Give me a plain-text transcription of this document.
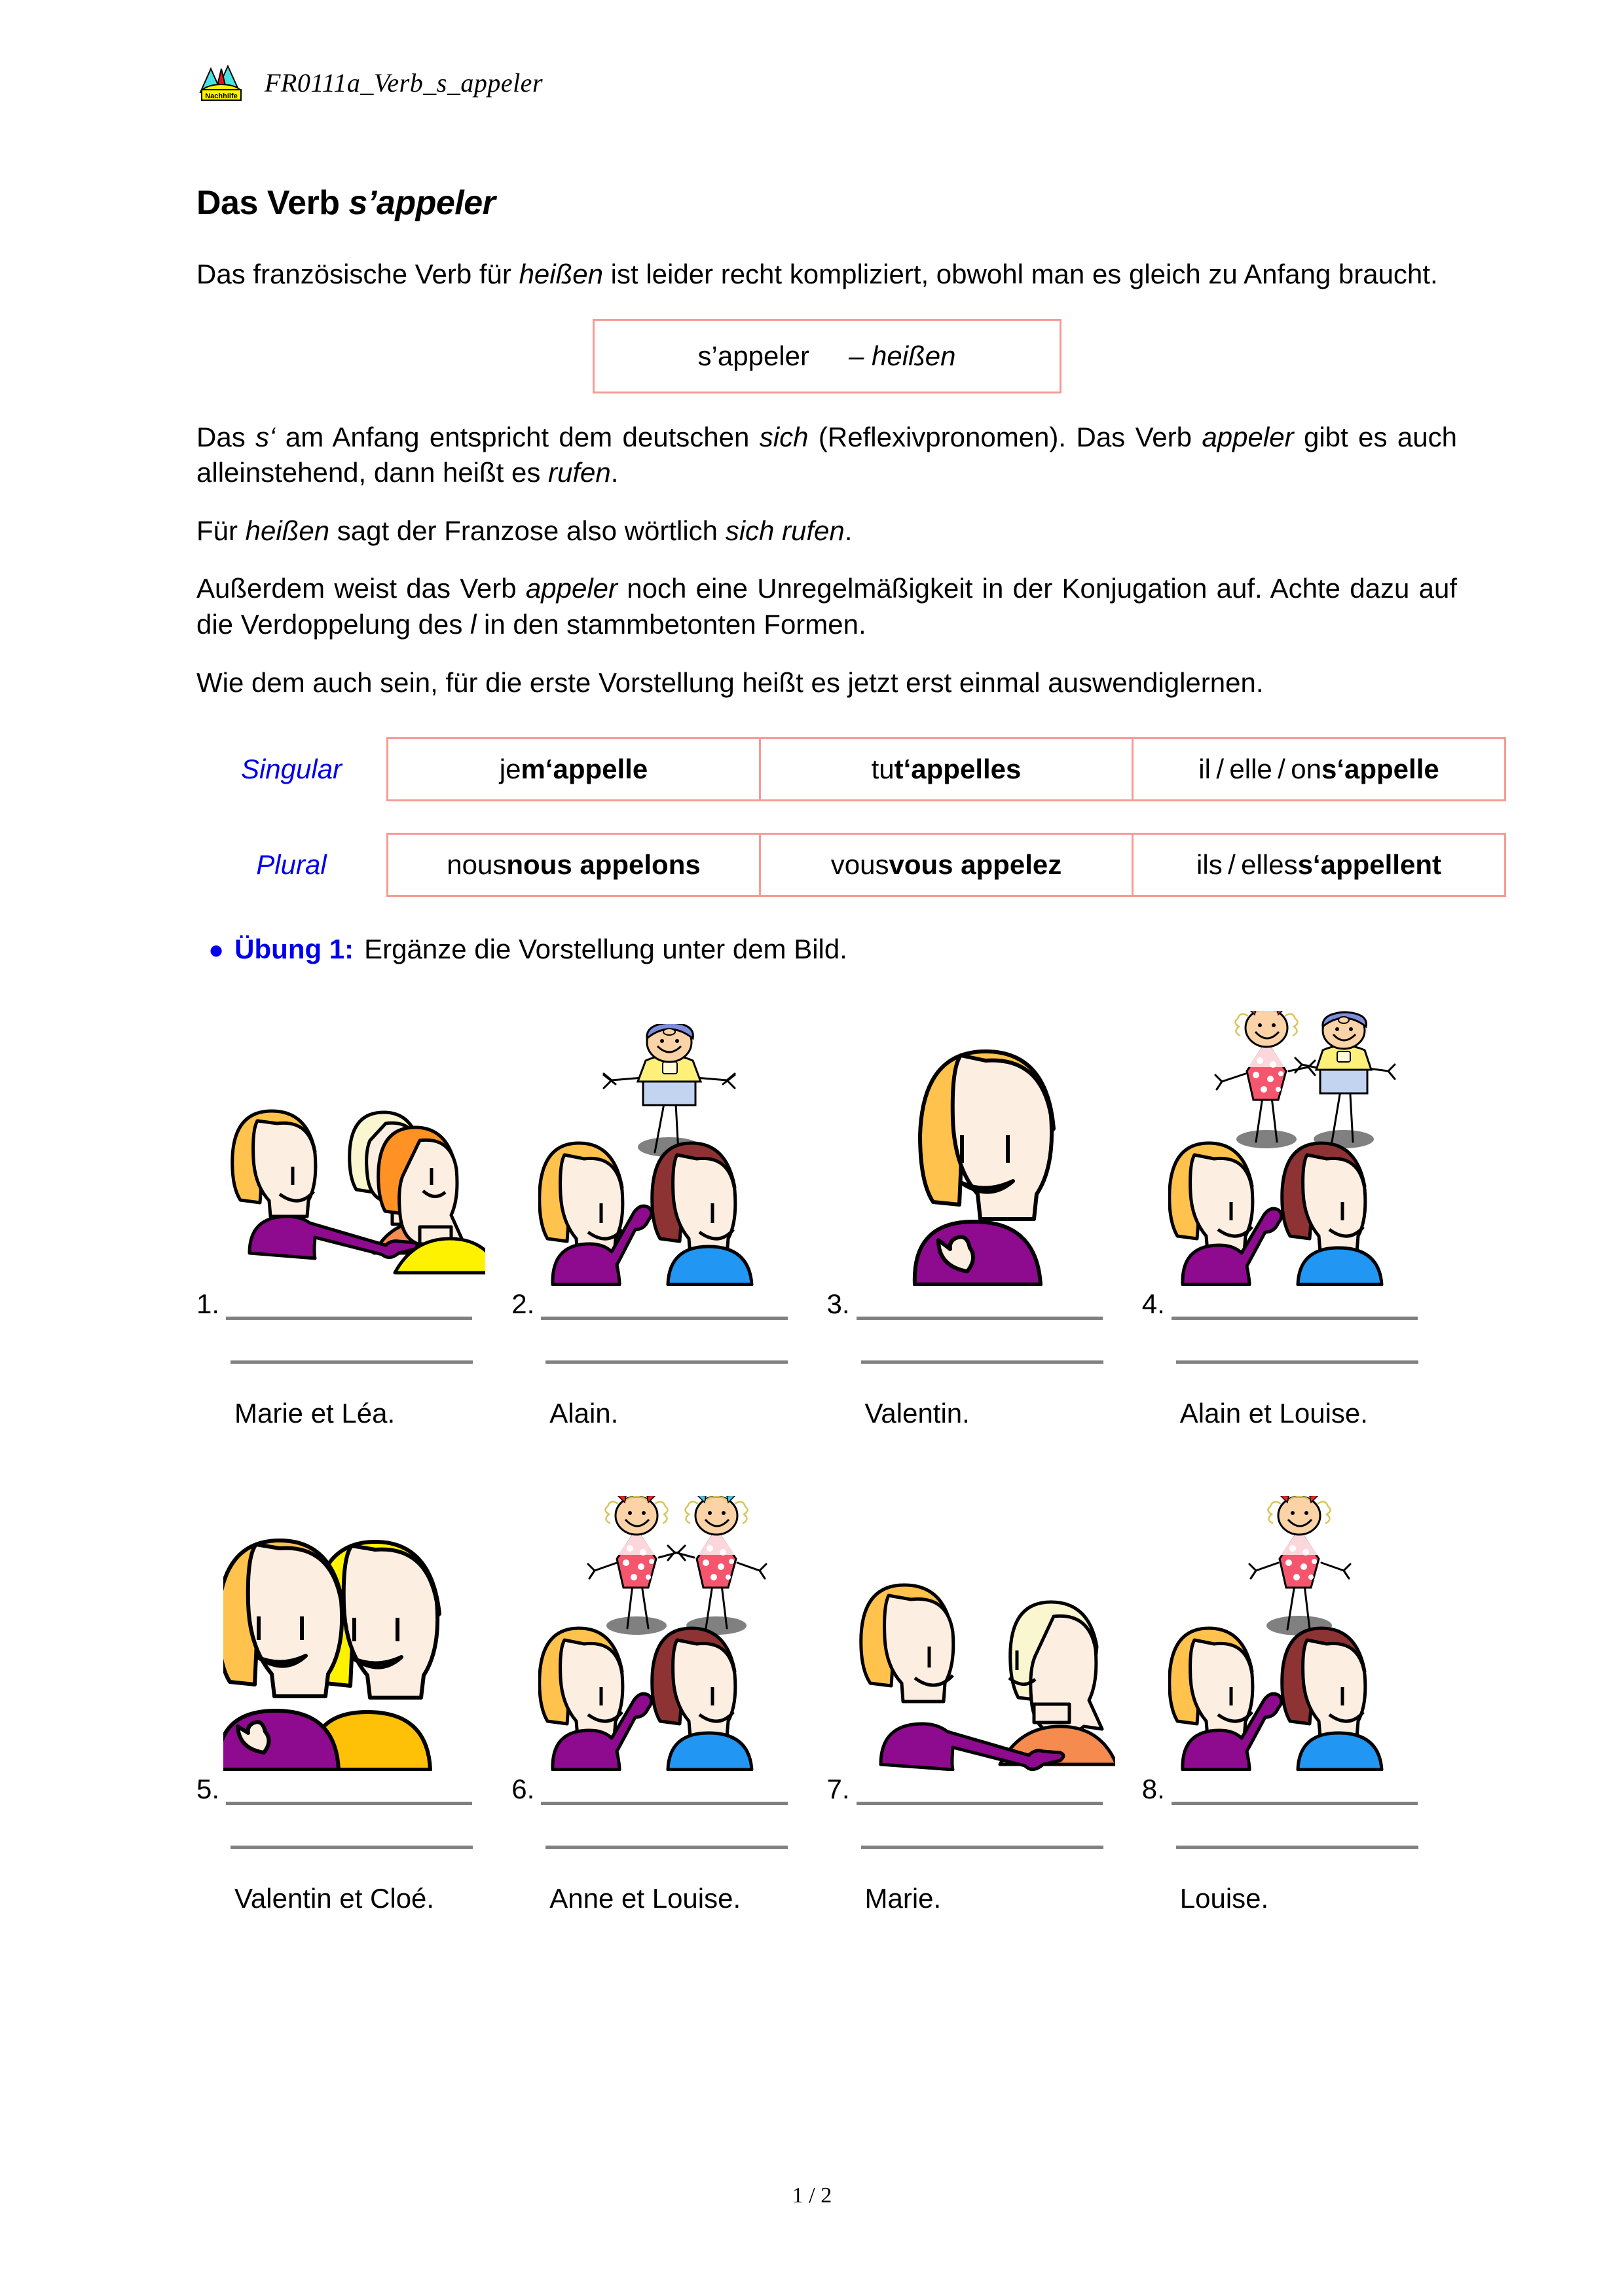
Nachhilfe FR0111a_Verb_s_appeler
Das Verb s’appeler

Das französische Verb für heißen ist leider recht kompliziert, obwohl man es gleich zu Anfang braucht.

s’appeler – heißen

Das s‘ am Anfang entspricht dem deutschen sich (Reflexivpronomen). Das Verb appeler gibt es auch alleinstehend, dann heißt es rufen.

Für heißen sagt der Franzose also wörtlich sich rufen.

Außerdem weist das Verb appeler noch eine Unregelmäßigkeit in der Konjugation auf. Achte dazu auf die Verdoppelung des l in den stammbetonten Formen.

Wie dem auch sein, für die erste Vorstellung heißt es jetzt erst einmal auswendiglernen.

Singular	je m‘appelle	tu t‘appelles	il / elle / on s‘appelle
Plural	nous nous appelons	vous vous appelez	ils / elles s‘appellent
● Übung 1: Ergänze die Vorstellung unter dem Bild.
1.
Marie et Léa.
2.
Alain.
3.
Valentin.
4.
Alain et Louise.
5.
Valentin et Cloé.
6.
Anne et Louise.
7.
Marie.
8.
Louise.
1 / 2
